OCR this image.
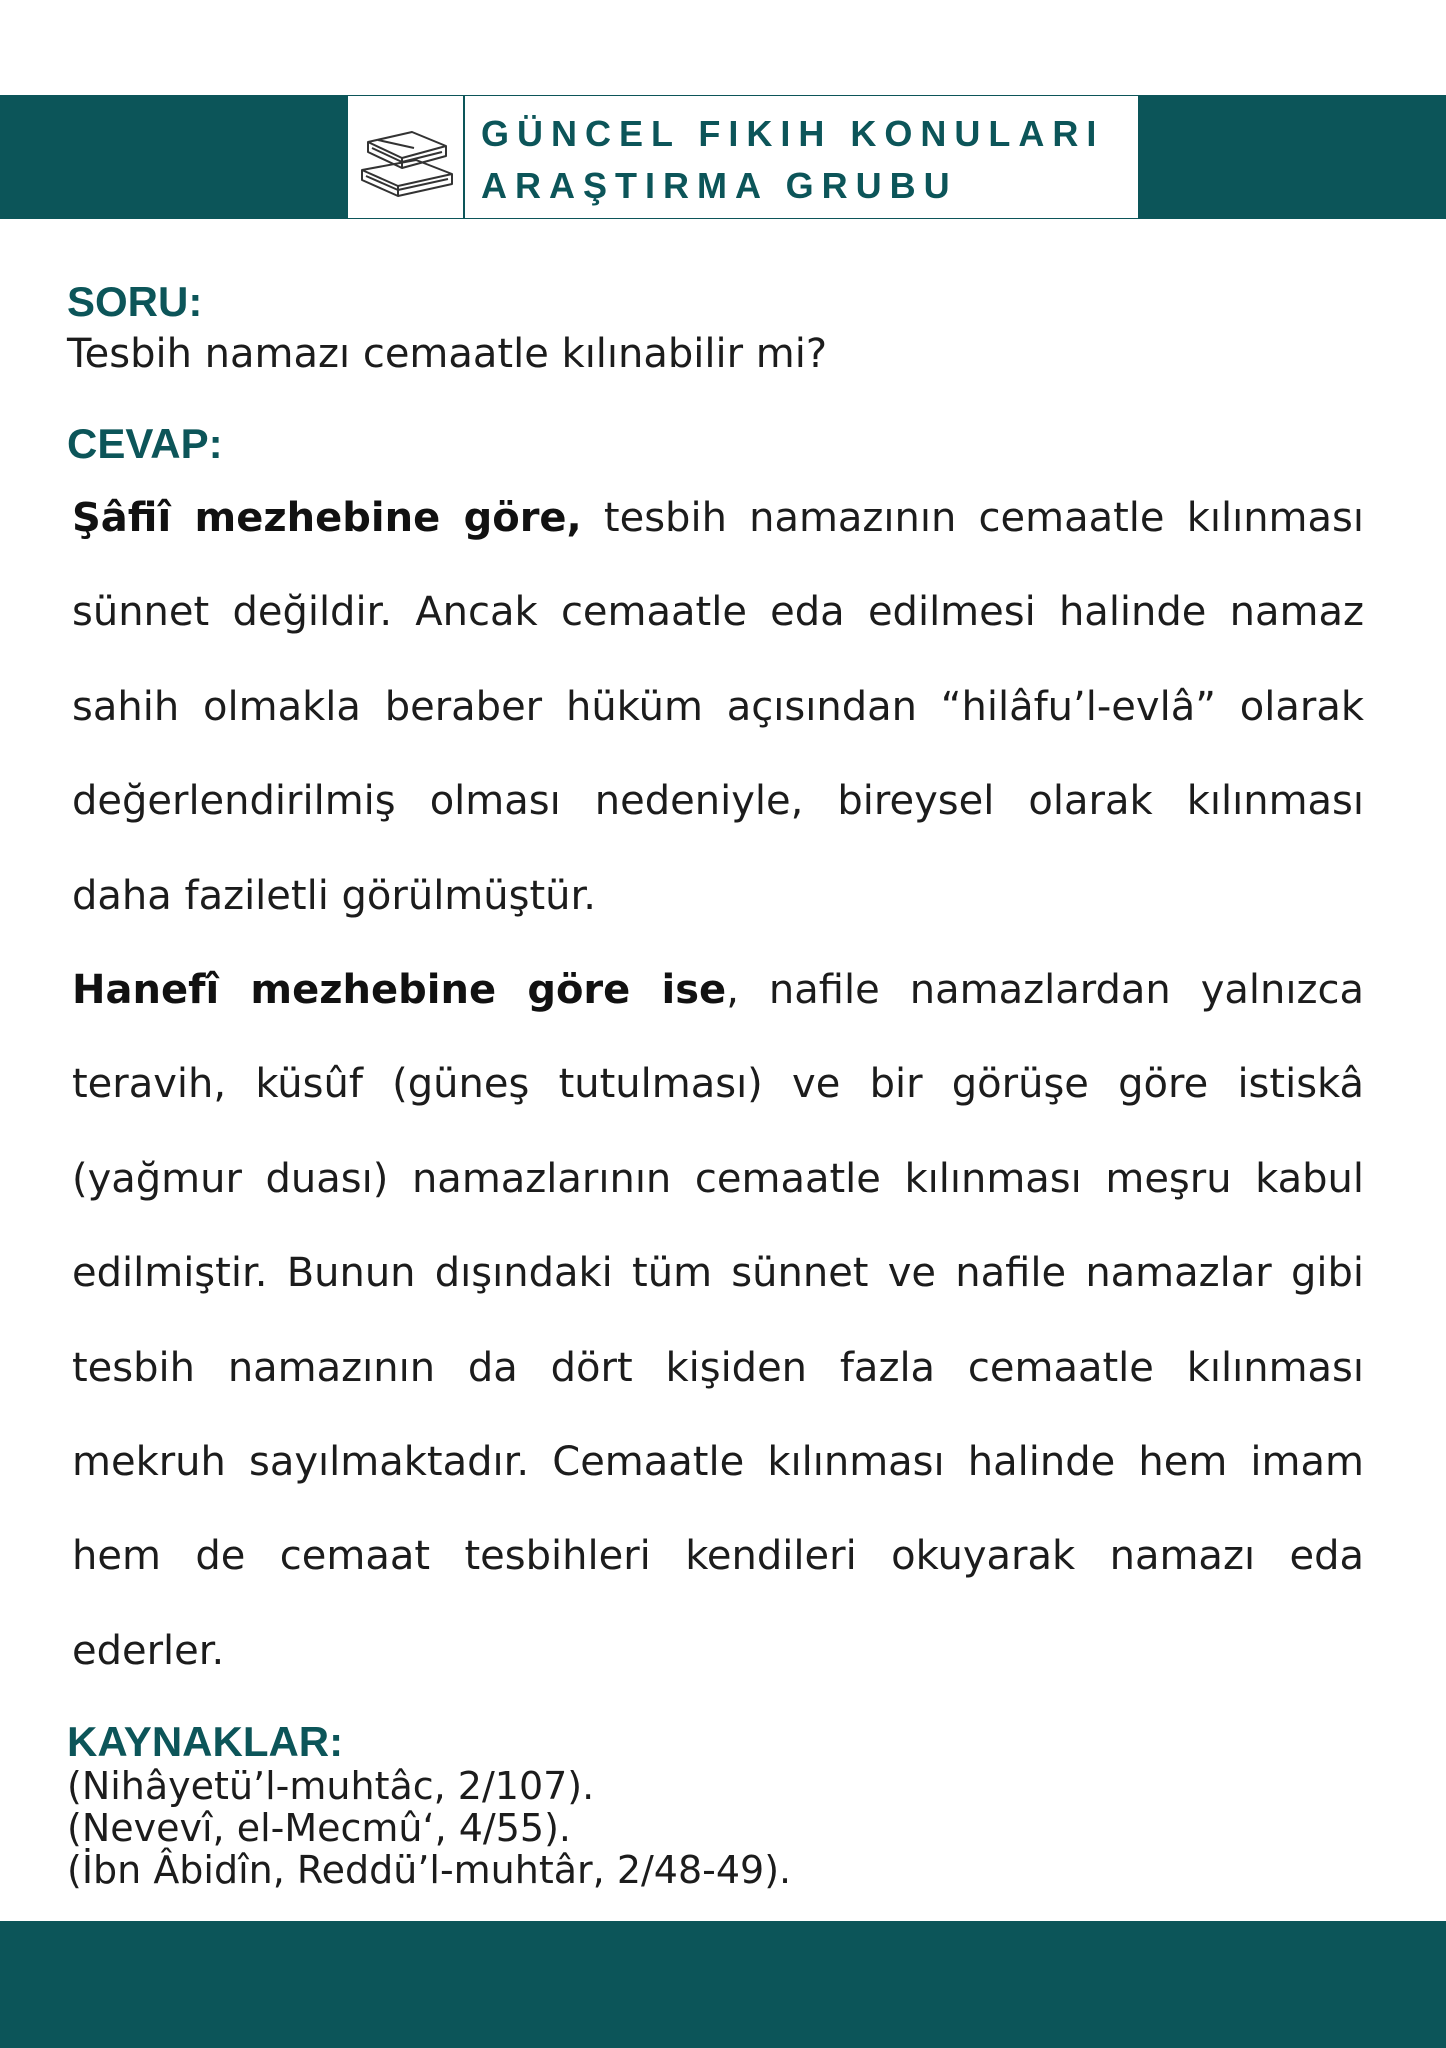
GÜNCEL FIKIH KONULARI
ARAŞTIRMA GRUBU
SORU:

Tesbih namazı cemaatle kılınabilir mi?

CEVAP:

Şâfiî mezhebine göre, tesbih namazının cemaatle kılınması sünnet değildir. Ancak cemaatle eda edilmesi halinde namaz sahih olmakla beraber hüküm açısından “hilâfu’l-evlâ” olarak değerlendirilmiş olması nedeniyle, bireysel olarak kılınması daha faziletli görülmüştür.

Hanefî mezhebine göre ise, nafile namazlardan yalnızca teravih, küsûf (güneş tutulması) ve bir görüşe göre istiskâ (yağmur duası) namazlarının cemaatle kılınması meşru kabul edilmiştir. Bunun dışındaki tüm sünnet ve nafile namazlar gibi tesbih namazının da dört kişiden fazla cemaatle kılınması mekruh sayılmaktadır. Cemaatle kılınması halinde hem imam hem de cemaat tesbihleri kendileri okuyarak namazı eda ederler.

KAYNAKLAR:
(Nihâyetü’l-muhtâc, 2/107).
(Nevevî, el-Mecmû‘, 4/55).
(İbn Âbidîn, Reddü’l-muhtâr, 2/48-49).
